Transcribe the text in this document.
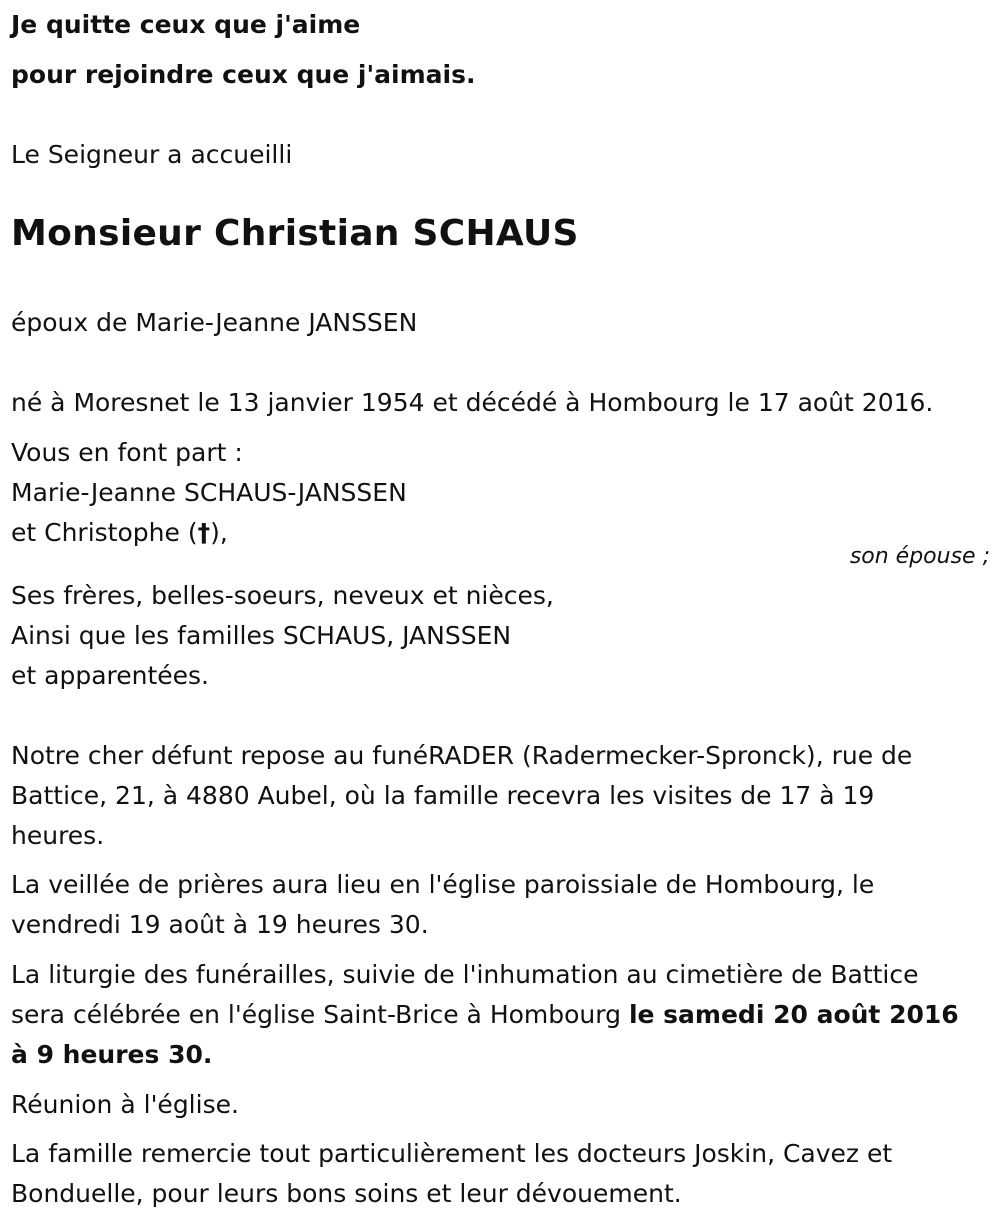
Je quitte ceux que j'aime
pour rejoindre ceux que j'aimais.
Le Seigneur a accueilli
Monsieur Christian SCHAUS
époux de Marie-Jeanne JANSSEN
né à Moresnet le 13 janvier 1954 et décédé à Hombourg le 17 août 2016.
Vous en font part :
Marie-Jeanne SCHAUS-JANSSEN
et Christophe (†),
son épouse ;
Ses frères, belles-soeurs, neveux et nièces,
Ainsi que les familles SCHAUS, JANSSEN
et apparentées.
Notre cher défunt repose au funéRADER (Radermecker-Spronck), rue de
Battice, 21, à 4880 Aubel, où la famille recevra les visites de 17 à 19
heures.
La veillée de prières aura lieu en l'église paroissiale de Hombourg, le
vendredi 19 août à 19 heures 30.
La liturgie des funérailles, suivie de l'inhumation au cimetière de Battice
sera célébrée en l'église Saint-Brice à Hombourg le samedi 20 août 2016
à 9 heures 30.
Réunion à l'église.
La famille remercie tout particulièrement les docteurs Joskin, Cavez et
Bonduelle, pour leurs bons soins et leur dévouement.
